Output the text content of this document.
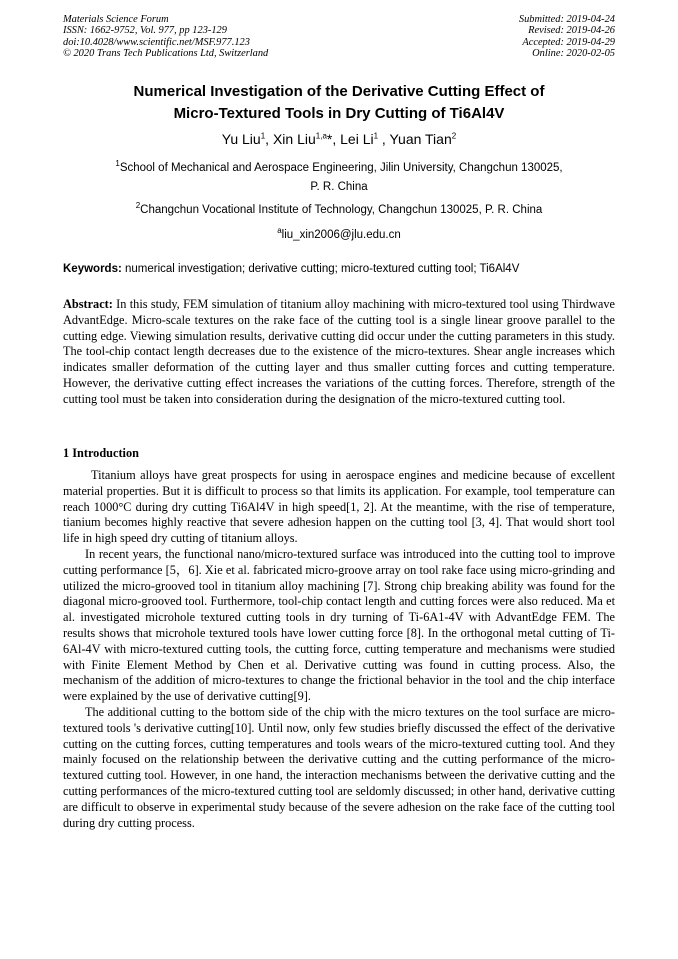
Materials Science Forum
ISSN: 1662-9752, Vol. 977, pp 123-129
doi:10.4028/www.scientific.net/MSF.977.123
© 2020 Trans Tech Publications Ltd, Switzerland
Submitted: 2019-04-24
Revised: 2019-04-26
Accepted: 2019-04-29
Online: 2020-02-05
Numerical Investigation of the Derivative Cutting Effect of
Micro-Textured Tools in Dry Cutting of Ti6Al4V
Yu Liu$^1$, Xin Liu$^{1,a}$*, Lei Li$^1$ , Yuan Tian$^2$
$^1$School of Mechanical and Aerospace Engineering, Jilin University, Changchun 130025,
P. R. China
$^2$Changchun Vocational Institute of Technology, Changchun 130025, P. R. China
$^a$liu_xin2006@jlu.edu.cn
Keywords: numerical investigation; derivative cutting; micro-textured cutting tool; Ti6Al4V
Abstract: In this study, FEM simulation of titanium alloy machining with micro-textured tool using Thirdwave AdvantEdge. Micro-scale textures on the rake face of the cutting tool is a single linear groove parallel to the cutting edge. Viewing simulation results, derivative cutting did occur under the cutting parameters in this study. The tool-chip contact length decreases due to the existence of the micro-textures. Shear angle increases which indicates smaller deformation of the cutting layer and thus smaller cutting forces and cutting temperature. However, the derivative cutting effect increases the variations of the cutting forces. Therefore, strength of the cutting tool must be taken into consideration during the designation of the micro-textured cutting tool.
1 Introduction

Titanium alloys have great prospects for using in aerospace engines and medicine because of excellent material properties. But it is difficult to process so that limits its application. For example, tool temperature can reach 1000°C during dry cutting Ti6Al4V in high speed[1, 2]. At the meantime, with the rise of temperature, tianium becomes highly reactive that severe adhesion happen on the cutting tool [3, 4]. That would short tool life in high speed dry cutting of titanium alloys.

In recent years, the functional nano/micro-textured surface was introduced into the cutting tool to improve cutting performance [5，6]. Xie et al. fabricated micro-groove array on tool rake face using micro-grinding and utilized the micro-grooved tool in titanium alloy machining [7]. Strong chip breaking ability was found for the diagonal micro-grooved tool. Furthermore, tool-chip contact length and cutting forces were also reduced. Ma et al. investigated microhole textured cutting tools in dry turning of Ti-6A1-4V with AdvantEdge FEM. The results shows that microhole textured tools have lower cutting force [8]. In the orthogonal metal cutting of Ti-6Al-4V with micro-textured cutting tools, the cutting force, cutting temperature and mechanisms were studied with Finite Element Method by Chen et al. Derivative cutting was found in cutting process. Also, the mechanism of the addition of micro-textures to change the frictional behavior in the tool and the chip interface were explained by the use of derivative cutting[9].

The additional cutting to the bottom side of the chip with the micro textures on the tool surface are micro-textured tools 's derivative cutting[10]. Until now, only few studies briefly discussed the effect of the derivative cutting on the cutting forces, cutting temperatures and tools wears of the micro-textured cutting tool. And they mainly focused on the relationship between the derivative cutting and the cutting performance of the micro-textured cutting tool. However, in one hand, the interaction mechanisms between the derivative cutting and the cutting performances of the micro-textured cutting tool are seldomly discussed; in other hand, derivative cutting are difficult to observe in experimental study because of the severe adhesion on the rake face of the cutting tool during dry cutting process.
